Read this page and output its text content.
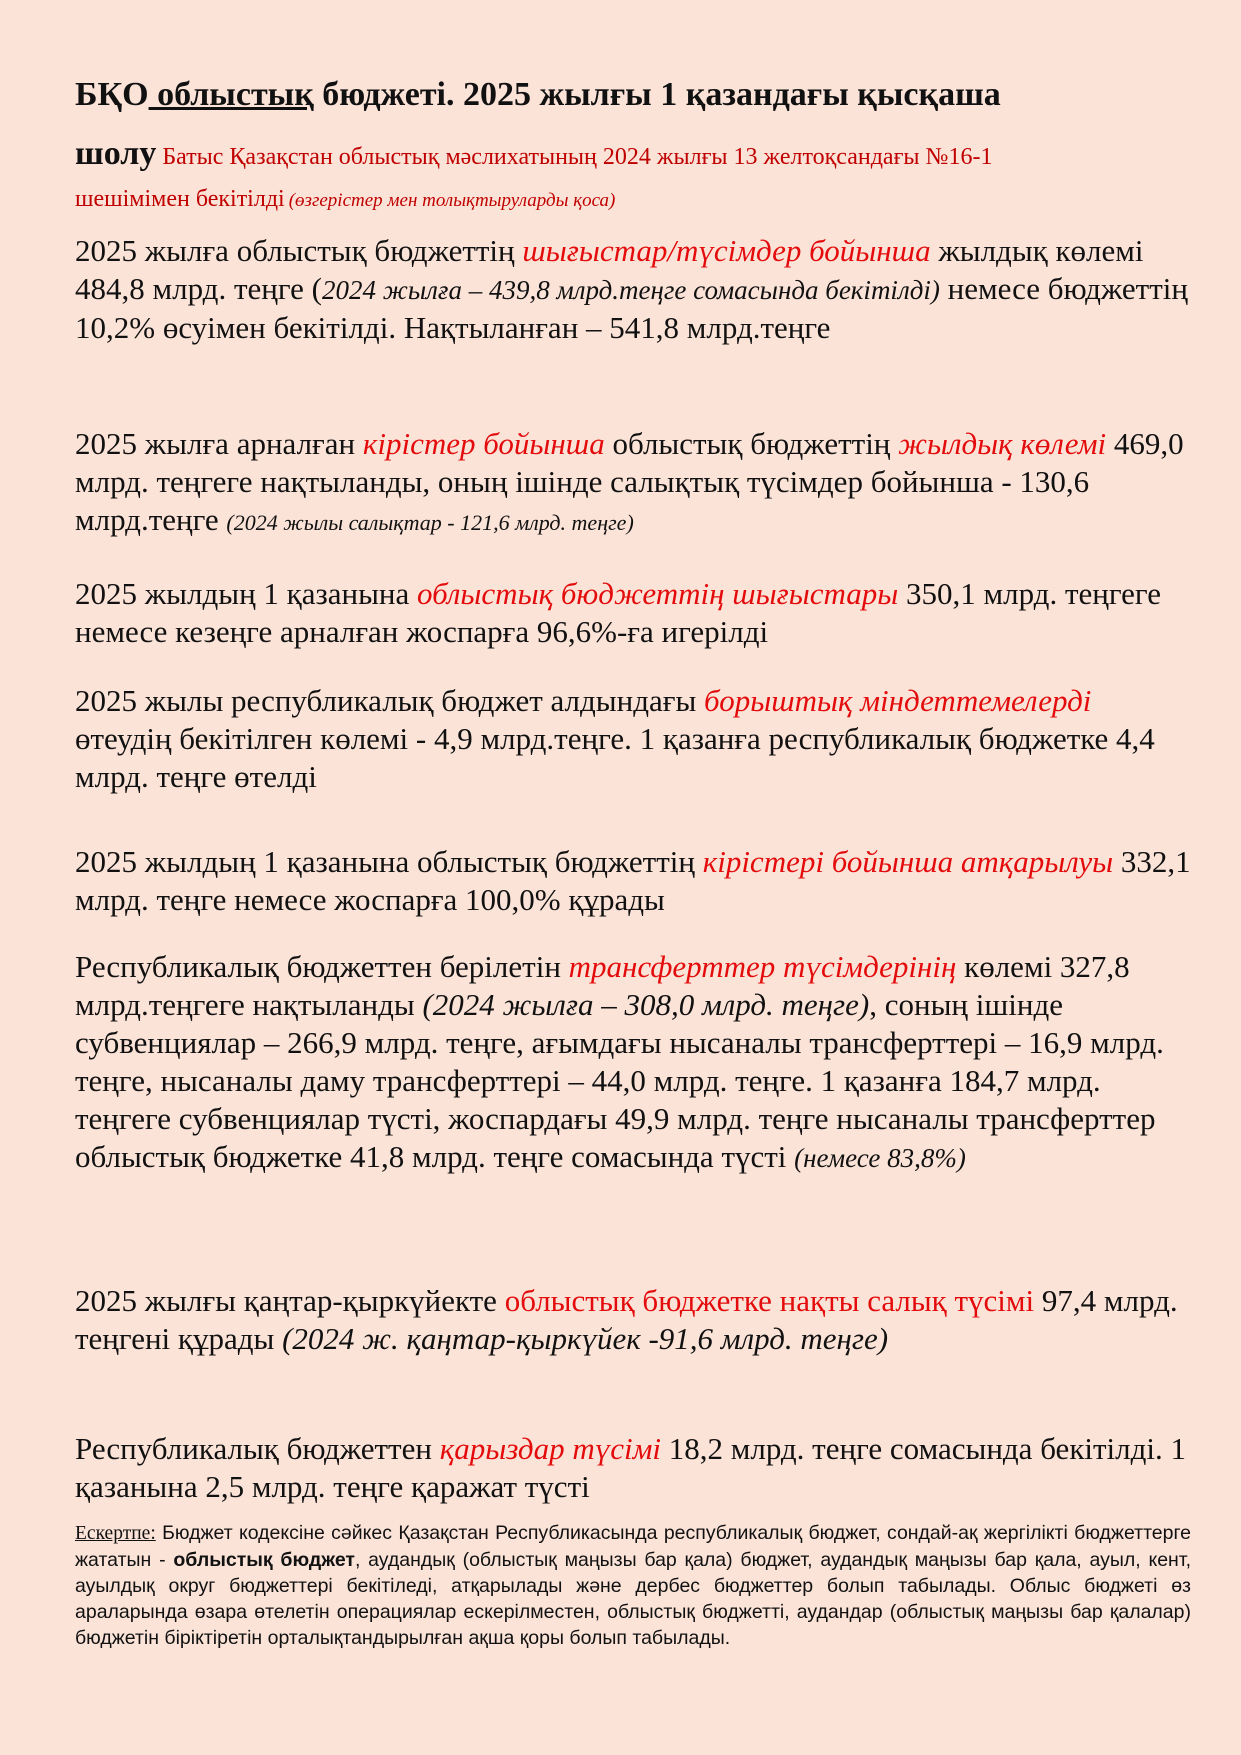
БҚО облыстық бюджеті. 2025 жылғы 1 қазандағы қысқаша
шолу Батыс Қазақстан облыстық мәслихатының 2024 жылғы 13 желтоқсандағы №16-1
шешімімен бекітілді (өзгерістер мен толықтыруларды қоса)

2025 жылға облыстық бюджеттің шығыстар/түсімдер бойынша жылдық көлемі 484,8 млрд. теңге (2024 жылға – 439,8 млрд.теңге сомасында бекітілді) немесе бюджеттің 10,2% өсуімен бекітілді. Нақтыланған – 541,8 млрд.теңге

2025 жылға арналған кірістер бойынша облыстық бюджеттің жылдық көлемі 469,0 млрд. теңгеге нақтыланды, оның ішінде салықтық түсімдер бойынша - 130,6 млрд.теңге (2024 жылы салықтар - 121,6 млрд. теңге)

2025 жылдың 1 қазанына облыстық бюджеттің шығыстары 350,1 млрд. теңгеге немесе кезеңге арналған жоспарға 96,6%-ға игерілді

2025 жылы республикалық бюджет алдындағы борыштық міндеттемелерді өтеудің бекітілген көлемі - 4,9 млрд.теңге. 1 қазанға республикалық бюджетке 4,4 млрд. теңге өтелді

2025 жылдың 1 қазанына облыстық бюджеттің кірістері бойынша атқарылуы 332,1 млрд. теңге немесе жоспарға 100,0% құрады

Республикалық бюджеттен берілетін трансферттер түсімдерінің көлемі 327,8 млрд.теңгеге нақтыланды (2024 жылға – 308,0 млрд. теңге), соның ішінде субвенциялар – 266,9 млрд. теңге, ағымдағы нысаналы трансферттері – 16,9 млрд. теңге, нысаналы даму трансферттері – 44,0 млрд. теңге. 1 қазанға 184,7 млрд. теңгеге субвенциялар түсті, жоспардағы 49,9 млрд. теңге нысаналы трансферттер облыстық бюджетке 41,8 млрд. теңге сомасында түсті (немесе 83,8%)

2025 жылғы қаңтар-қыркүйекте облыстық бюджетке нақты салық түсімі 97,4 млрд. теңгені құрады (2024 ж. қаңтар-қыркүйек -91,6 млрд. теңге)

Республикалық бюджеттен қарыздар түсімі 18,2 млрд. теңге сомасында бекітілді. 1 қазанына 2,5 млрд. теңге қаражат түсті

Ескертпе: Бюджет кодексіне сәйкес Қазақстан Республикасында республикалық бюджет, сондай-ақ жергілікті бюджеттерге жататын - облыстық бюджет, аудандық (облыстық маңызы бар қала) бюджет, аудандық маңызы бар қала, ауыл, кент, ауылдық округ бюджеттері бекітіледі, атқарылады және дербес бюджеттер болып табылады. Облыс бюджеті өз араларында өзара өтелетін операциялар ескерілместен, облыстық бюджетті, аудандар (облыстық маңызы бар қалалар) бюджетін біріктіретін орталықтандырылған ақша қоры болып табылады.
